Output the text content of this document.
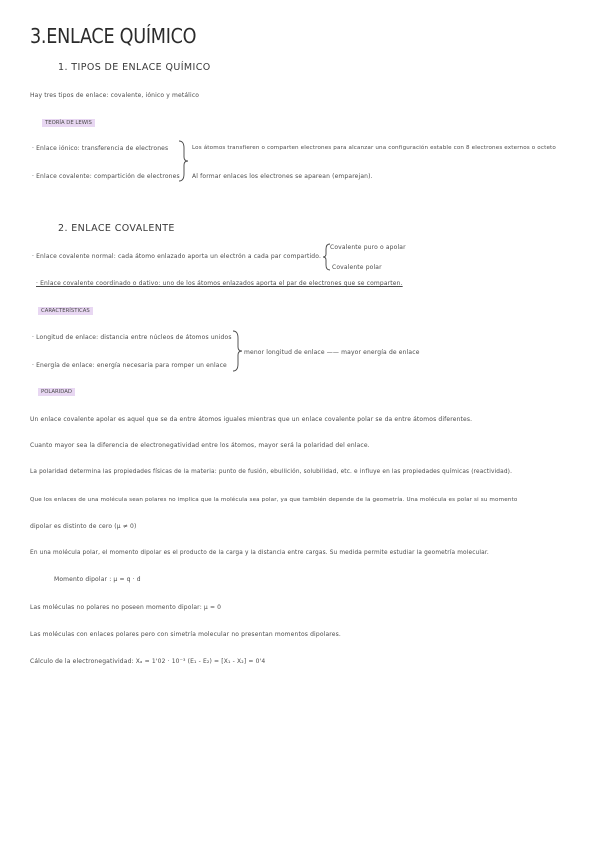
3.ENLACE QUÍMICO
1. TIPOS DE ENLACE QUÍMICO
Hay tres tipos de enlace: covalente, iónico y metálico
TEORÍA DE LEWIS
· Enlace iónico: transferencia de electrones
· Enlace covalente: compartición de electrones
Los átomos transfieren o comparten electrones para alcanzar una configuración estable con 8 electrones externos o octeto
Al formar enlaces los electrones se aparean (emparejan).
2. ENLACE COVALENTE
· Enlace covalente normal: cada átomo enlazado aporta un electrón a cada par compartido.
Covalente puro o apolar
Covalente polar
· Enlace covalente coordinado o dativo: uno de los átomos enlazados aporta el par de electrones que se comparten.
CARACTERÍSTICAS
· Longitud de enlace: distancia entre núcleos de átomos unidos
· Energía de enlace: energía necesaria para romper un enlace
menor longitud de enlace —— mayor energía de enlace
POLARIDAD
Un enlace covalente apolar es aquel que se da entre átomos iguales mientras que un enlace covalente polar se da entre átomos diferentes.
Cuanto mayor sea la diferencia de electronegatividad entre los átomos, mayor será la polaridad del enlace.
La polaridad determina las propiedades físicas de la materia: punto de fusión, ebullición, solubilidad, etc. e influye en las propiedades químicas (reactividad).
Que los enlaces de una molécula sean polares no implica que la molécula sea polar, ya que también depende de la geometría. Una molécula es polar si su momento
dipolar es distinto de cero (μ ≠ 0)
En una molécula polar, el momento dipolar es el producto de la carga y la distancia entre cargas. Su medida permite estudiar la geometría molecular.
Momento dipolar : μ = q · d
Las moléculas no polares no poseen momento dipolar: μ = 0
Las moléculas con enlaces polares pero con simetría molecular no presentan momentos dipolares.
Cálculo de la electronegatividad: Xₐ = 1'02 · 10⁻³ (E₁ - E₂) = [X₁ - X₂] = 0'4
